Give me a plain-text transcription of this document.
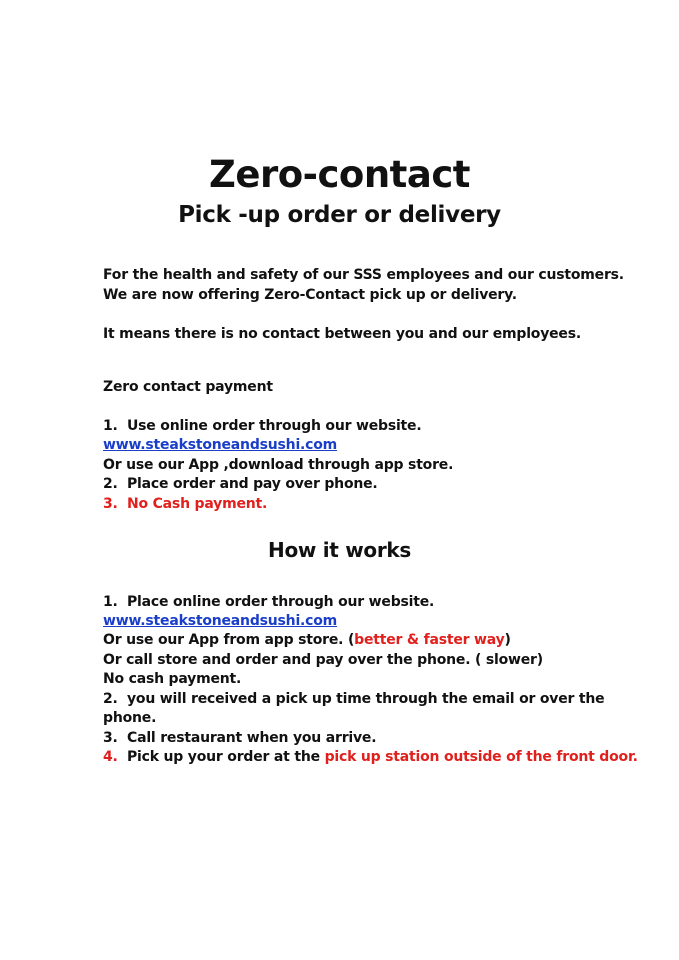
Zero-contact
Pick -up order or delivery
For the health and safety of our SSS employees and our customers.
We are now offering Zero-Contact pick up or delivery.
It means there is no contact between you and our employees.
Zero contact payment
1. Use online order through our website.
www.steakstoneandsushi.com
Or use our App ,download through app store.
2. Place order and pay over phone.
3. No Cash payment.
How it works
1. Place online order through our website.
www.steakstoneandsushi.com
Or use our App from app store. (better & faster way)
Or call store and order and pay over the phone. ( slower)
No cash payment.
2. you will received a pick up time through the email or over the
phone.
3. Call restaurant when you arrive.
4. Pick up your order at the pick up station outside of the front door.
